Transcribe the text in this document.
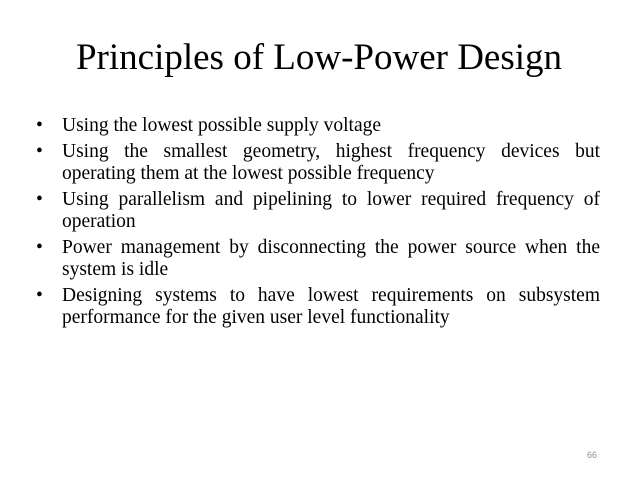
Principles of Low-Power Design
• Using the lowest possible supply voltage
• Using the smallest geometry, highest frequency devices but operating them at the lowest possible frequency
• Using parallelism and pipelining to lower required frequency of operation
• Power management by disconnecting the power source when the system is idle
• Designing systems to have lowest requirements on subsystem performance for the given user level functionality
66
